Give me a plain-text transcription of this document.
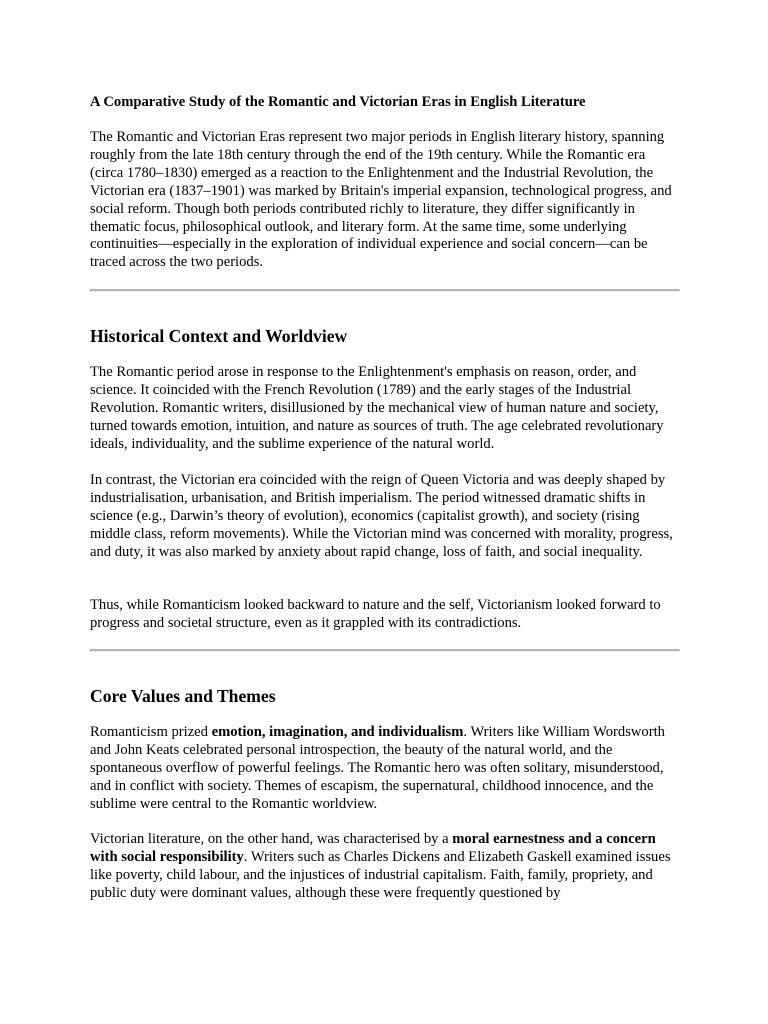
A Comparative Study of the Romantic and Victorian Eras in English Literature

The Romantic and Victorian Eras represent two major periods in English literary history, spanning roughly from the late 18th century through the end of the 19th century. While the Romantic era (circa 1780–1830) emerged as a reaction to the Enlightenment and the Industrial Revolution, the Victorian era (1837–1901) was marked by Britain's imperial expansion, technological progress, and social reform. Though both periods contributed richly to literature, they differ significantly in thematic focus, philosophical outlook, and literary form. At the same time, some underlying continuities—especially in the exploration of individual experience and social concern—can be traced across the two periods.

Historical Context and Worldview

The Romantic period arose in response to the Enlightenment's emphasis on reason, order, and science. It coincided with the French Revolution (1789) and the early stages of the Industrial Revolution. Romantic writers, disillusioned by the mechanical view of human nature and society, turned towards emotion, intuition, and nature as sources of truth. The age celebrated revolutionary ideals, individuality, and the sublime experience of the natural world.

In contrast, the Victorian era coincided with the reign of Queen Victoria and was deeply shaped by industrialisation, urbanisation, and British imperialism. The period witnessed dramatic shifts in science (e.g., Darwin’s theory of evolution), economics (capitalist growth), and society (rising middle class, reform movements). While the Victorian mind was concerned with morality, progress, and duty, it was also marked by anxiety about rapid change, loss of faith, and social inequality.

Thus, while Romanticism looked backward to nature and the self, Victorianism looked forward to progress and societal structure, even as it grappled with its contradictions.

Core Values and Themes

Romanticism prized emotion, imagination, and individualism. Writers like William Wordsworth and John Keats celebrated personal introspection, the beauty of the natural world, and the spontaneous overflow of powerful feelings. The Romantic hero was often solitary, misunderstood, and in conflict with society. Themes of escapism, the supernatural, childhood innocence, and the sublime were central to the Romantic worldview.

Victorian literature, on the other hand, was characterised by a moral earnestness and a concern with social responsibility. Writers such as Charles Dickens and Elizabeth Gaskell examined issues like poverty, child labour, and the injustices of industrial capitalism. Faith, family, propriety, and public duty were dominant values, although these were frequently questioned by
